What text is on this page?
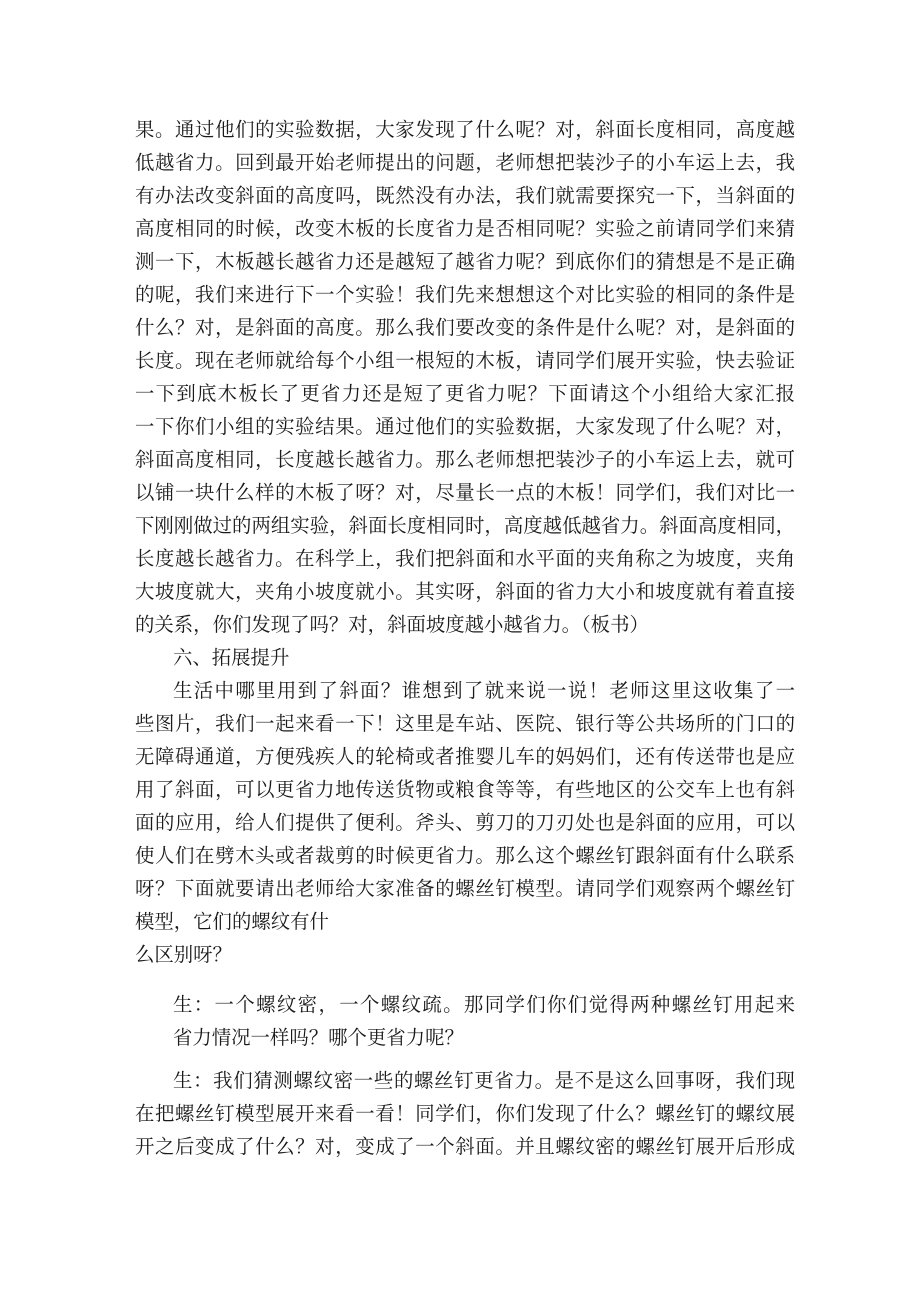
果。通过他们的实验数据，大家发现了什么呢？对，斜面长度相同，高度越
低越省力。回到最开始老师提出的问题，老师想把装沙子的小车运上去，我
有办法改变斜面的高度吗，既然没有办法，我们就需要探究一下，当斜面的
高度相同的时候，改变木板的长度省力是否相同呢？实验之前请同学们来猜
测一下，木板越长越省力还是越短了越省力呢？到底你们的猜想是不是正确
的呢，我们来进行下一个实验！我们先来想想这个对比实验的相同的条件是
什么？对，是斜面的高度。那么我们要改变的条件是什么呢？对，是斜面的
长度。现在老师就给每个小组一根短的木板，请同学们展开实验，快去验证
一下到底木板长了更省力还是短了更省力呢？下面请这个小组给大家汇报
一下你们小组的实验结果。通过他们的实验数据，大家发现了什么呢？对，
斜面高度相同，长度越长越省力。那么老师想把装沙子的小车运上去，就可
以铺一块什么样的木板了呀？对，尽量长一点的木板！同学们，我们对比一
下刚刚做过的两组实验，斜面长度相同时，高度越低越省力。斜面高度相同，
长度越长越省力。在科学上，我们把斜面和水平面的夹角称之为坡度，夹角
大坡度就大，夹角小坡度就小。其实呀，斜面的省力大小和坡度就有着直接
的关系，你们发现了吗？对，斜面坡度越小越省力。（板书）
六、拓展提升
生活中哪里用到了斜面？谁想到了就来说一说！老师这里这收集了一
些图片，我们一起来看一下！这里是车站、医院、银行等公共场所的门口的
无障碍通道，方便残疾人的轮椅或者推婴儿车的妈妈们，还有传送带也是应
用了斜面，可以更省力地传送货物或粮食等等，有些地区的公交车上也有斜
面的应用，给人们提供了便利。斧头、剪刀的刀刃处也是斜面的应用，可以
使人们在劈木头或者裁剪的时候更省力。那么这个螺丝钉跟斜面有什么联系
呀？下面就要请出老师给大家准备的螺丝钉模型。请同学们观察两个螺丝钉
模型，它们的螺纹有什
么区别呀？
生：一个螺纹密，一个螺纹疏。那同学们你们觉得两种螺丝钉用起来
省力情况一样吗？哪个更省力呢？
生：我们猜测螺纹密一些的螺丝钉更省力。是不是这么回事呀，我们现
在把螺丝钉模型展开来看一看！同学们，你们发现了什么？螺丝钉的螺纹展
开之后变成了什么？对，变成了一个斜面。并且螺纹密的螺丝钉展开后形成
